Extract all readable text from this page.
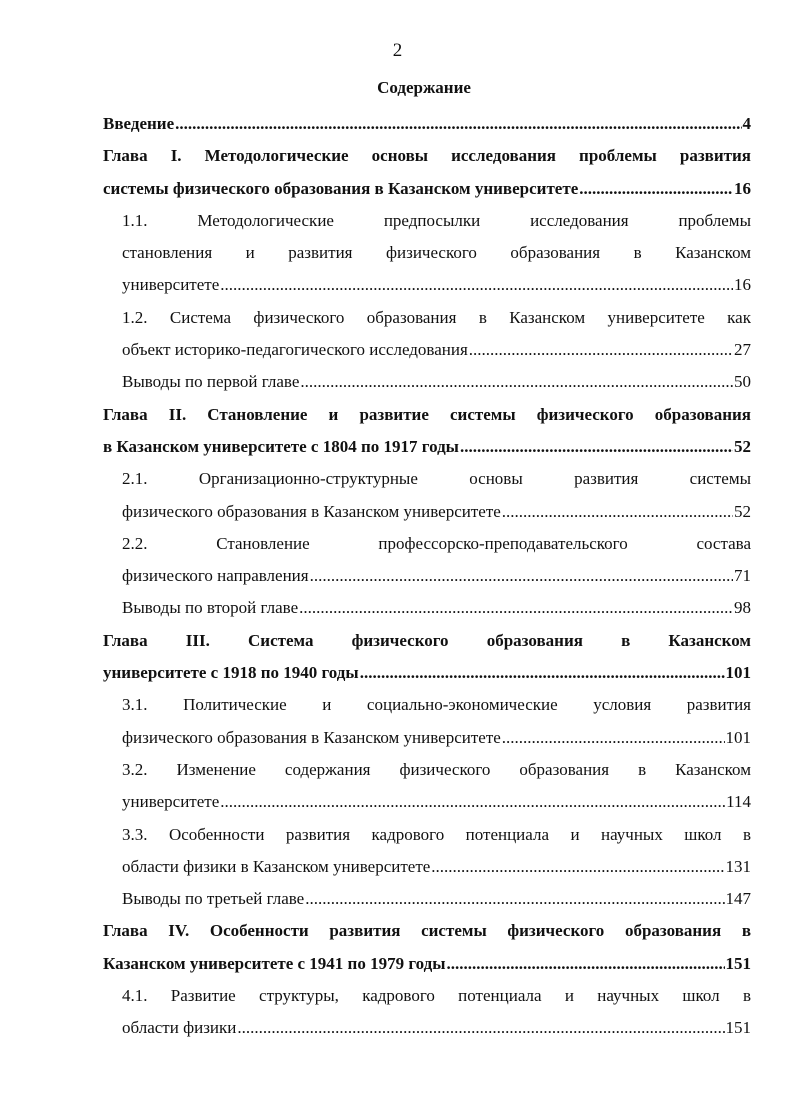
2
Содержание
Введение .....	4
Глава I. Методологические основы исследования проблемы развития
системы физического образования в Казанском университете .....	16
1.1. Методологические предпосылки исследования проблемы
становления и развития физического образования в Казанском
университете .....	16
1.2. Система физического образования в Казанском университете как
объект историко-педагогического исследования .....	27
Выводы по первой главе .....	50
Глава II. Становление и развитие системы физического образования
в Казанском университете с 1804 по 1917 годы .....	52
2.1. Организационно-структурные основы развития системы
физического образования в Казанском университете .....	52
2.2. Становление профессорско-преподавательского состава
физического направления .....	71
Выводы по второй главе .....	98
Глава III. Система физического образования в Казанском
университете с 1918 по 1940 годы .....	101
3.1. Политические и социально-экономические условия развития
физического образования в Казанском университете .....	101
3.2. Изменение содержания физического образования в Казанском
университете .....	114
3.3. Особенности развития кадрового потенциала и научных школ в
области физики в Казанском университете .....	131
Выводы по третьей главе .....	147
Глава IV. Особенности развития системы физического образования в
Казанском университете с 1941 по 1979 годы .....	151
4.1. Развитие структуры, кадрового потенциала и научных школ в
области физики .....	151
